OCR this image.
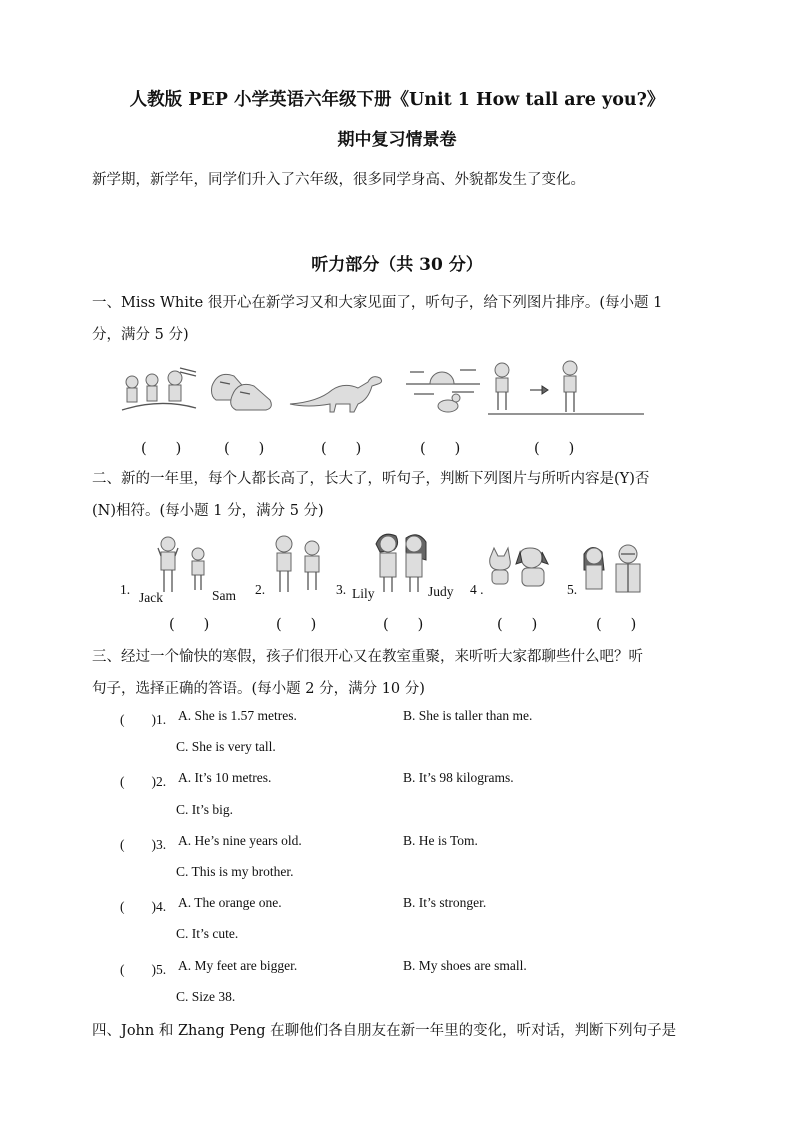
人教版 PEP 小学英语六年级下册《Unit 1 How tall are you?》
期中复习情景卷
新学期，新学年，同学们升入了六年级，很多同学身高、外貌都发生了变化。
听力部分（共 30 分）
一、Miss White 很开心在新学习又和大家见面了，听句子，给下列图片排序。(每小题 1
分，满分 5 分)
(　　)	(　　)	(　　)	(　　)	(　　)
二、新的一年里，每个人都长高了，长大了，听句子，判断下列图片与所听内容是(Y)否
(N)相符。(每小题 1 分，满分 5 分)
1.
Jack	Sam 2.	3. Lily	Judy 4 .	5.
(　　)	(　　)	(　　)	(　　)	(　　)
三、经过一个愉快的寒假，孩子们很开心又在教室重聚，来听听大家都聊些什么吧？听
句子，选择正确的答语。(每小题 2 分，满分 10 分)
(　　)1. A. She is 1.57 metres.	B. She is taller than me.
C. She is very tall.
(　　)2. A. It’s 10 metres.	B. It’s 98 kilograms.
C. It’s big.
(　　)3. A. He’s nine years old.	B. He is Tom.
C. This is my brother.
(　　)4. A. The orange one.	B. It’s stronger.
C. It’s cute.
(　　)5. A. My feet are bigger.	B. My shoes are small.
C. Size 38.
四、John 和 Zhang Peng 在聊他们各自朋友在新一年里的变化，听对话，判断下列句子是
